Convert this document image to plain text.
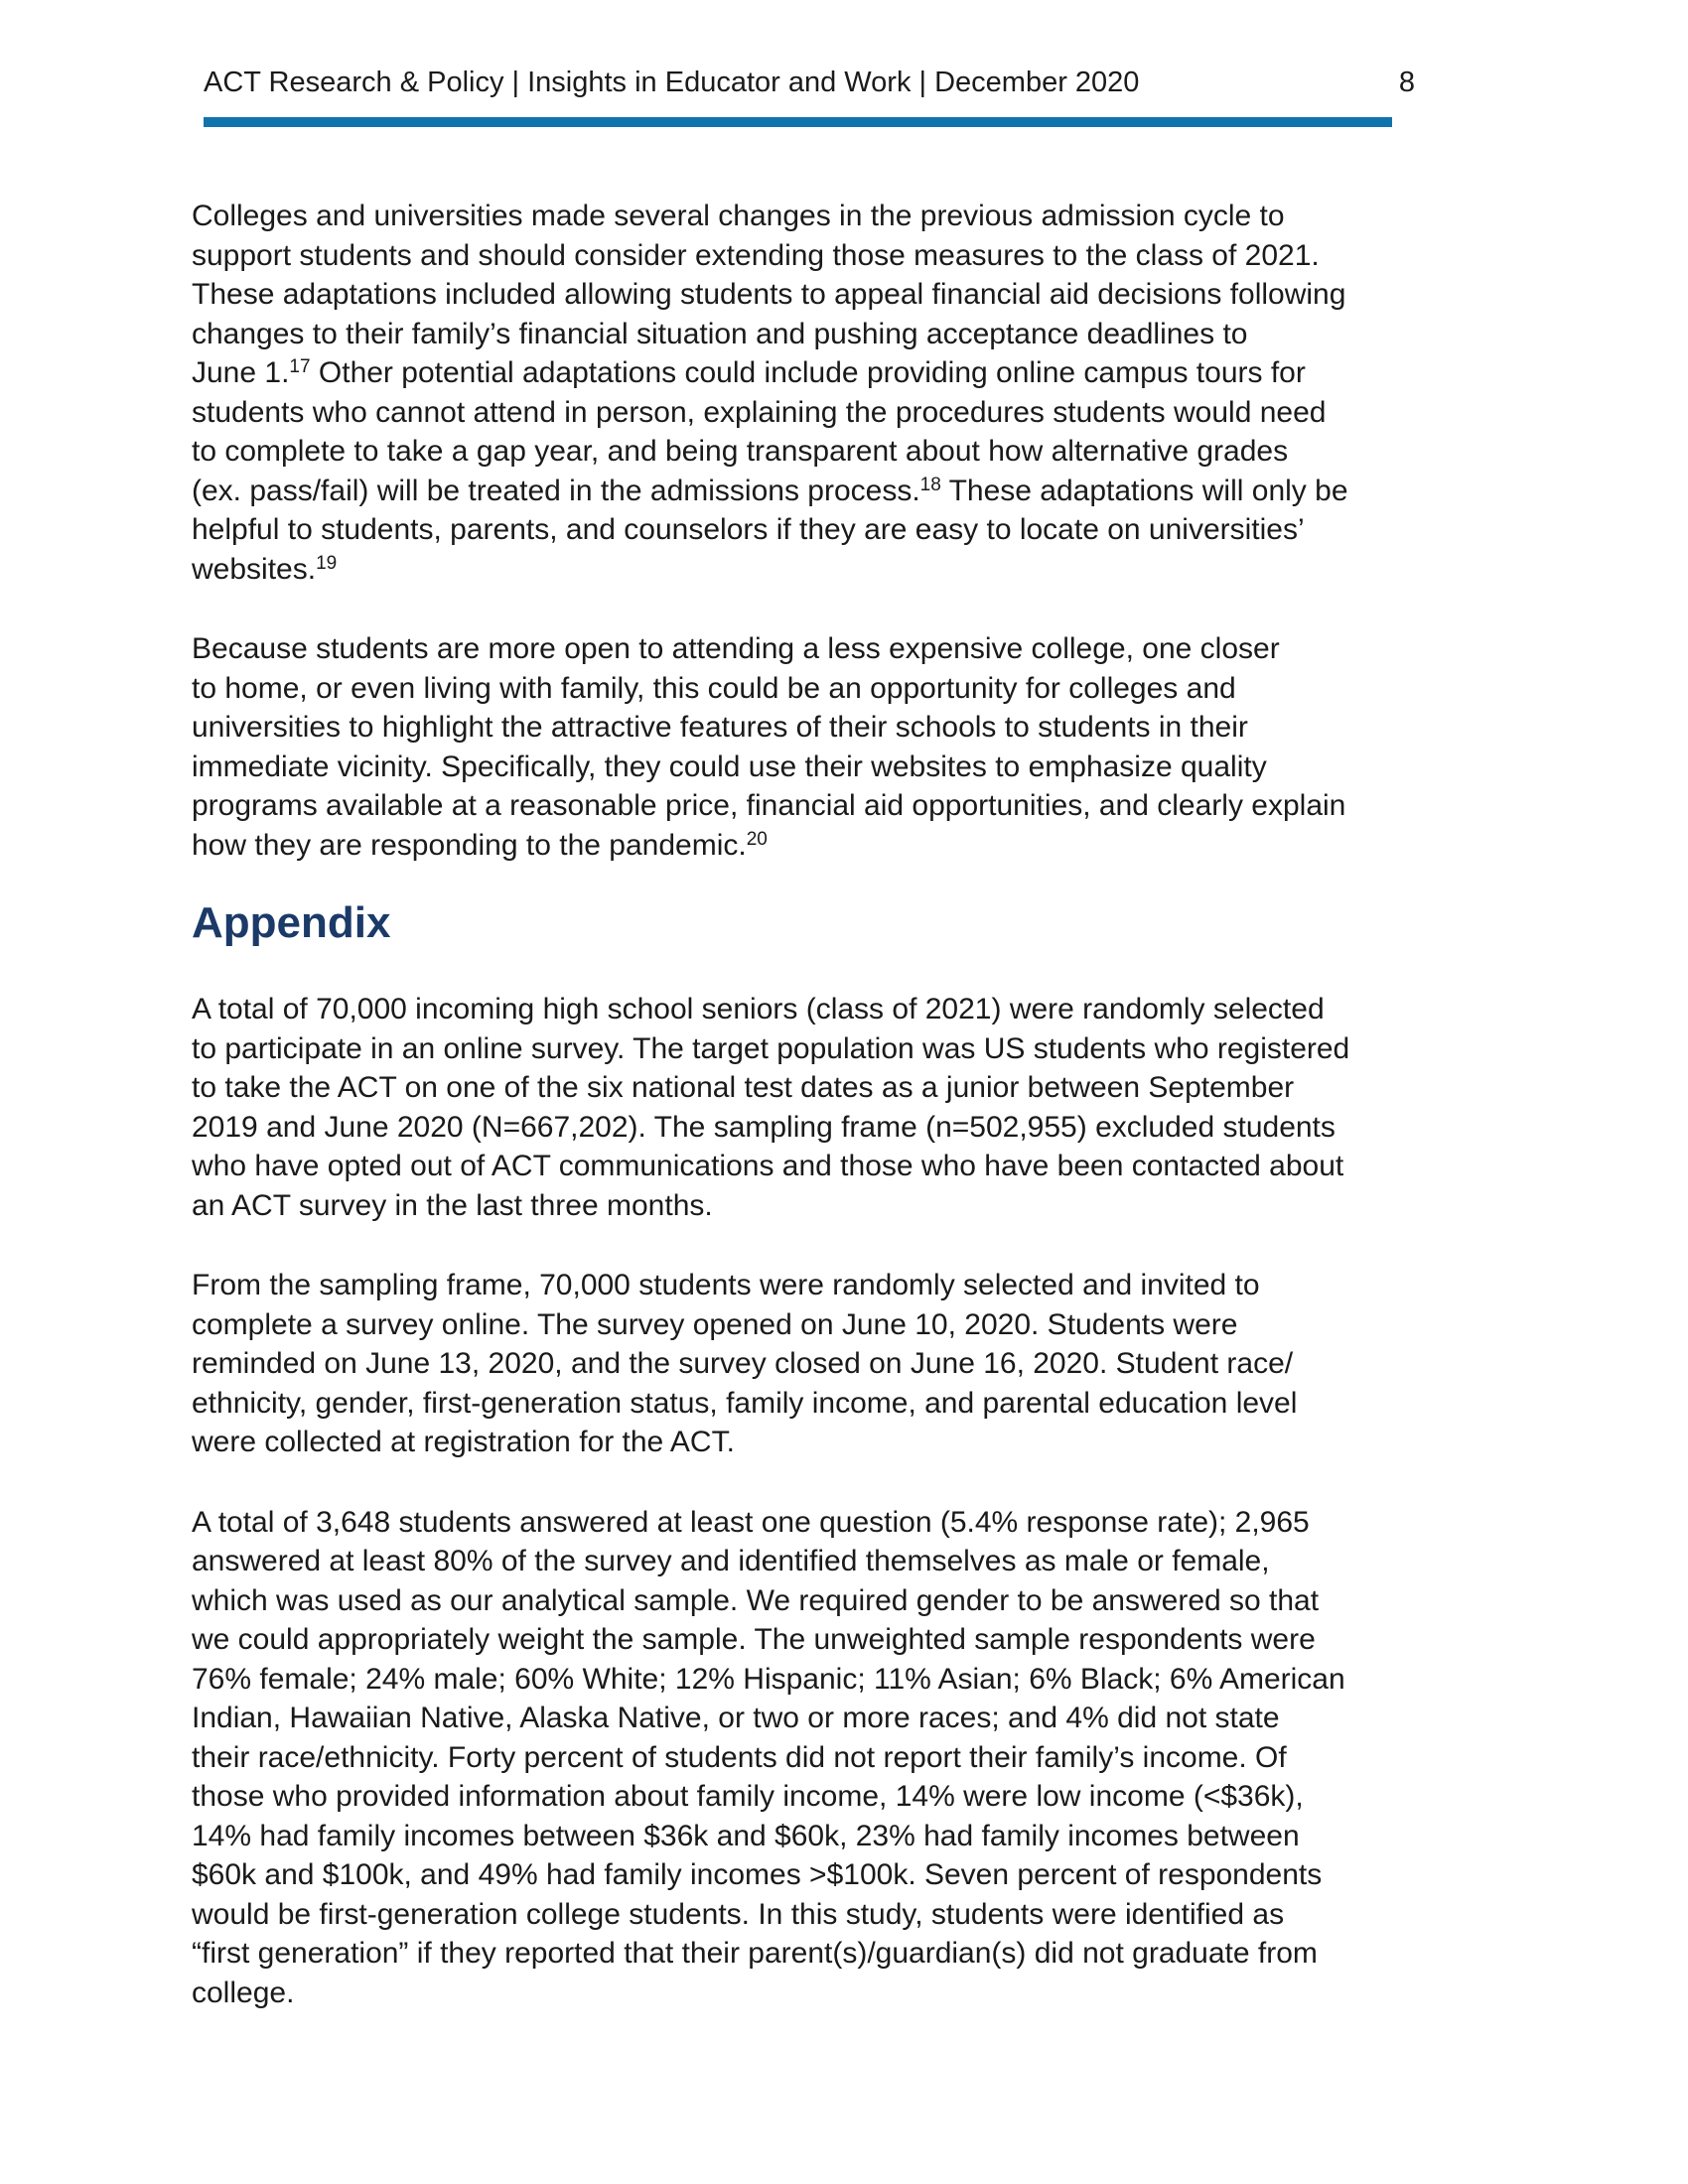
ACT Research & Policy | Insights in Educator and Work | December 2020	8
Colleges and universities made several changes in the previous admission cycle to
support students and should consider extending those measures to the class of 2021.
These adaptations included allowing students to appeal financial aid decisions following
changes to their family’s financial situation and pushing acceptance deadlines to
June 1.17 Other potential adaptations could include providing online campus tours for
students who cannot attend in person, explaining the procedures students would need
to complete to take a gap year, and being transparent about how alternative grades
(ex. pass/fail) will be treated in the admissions process.$^{18}$ These adaptations will only be
helpful to students, parents, and counselors if they are easy to locate on universities’
websites.$^{19}$
Because students are more open to attending a less expensive college, one closer
to home, or even living with family, this could be an opportunity for colleges and
universities to highlight the attractive features of their schools to students in their
immediate vicinity. Specifically, they could use their websites to emphasize quality
programs available at a reasonable price, financial aid opportunities, and clearly explain
how they are responding to the pandemic.$^{20}$
Appendix
A total of 70,000 incoming high school seniors (class of 2021) were randomly selected
to participate in an online survey. The target population was US students who registered
to take the ACT on one of the six national test dates as a junior between September
2019 and June 2020 (N=667,202). The sampling frame (n=502,955) excluded students
who have opted out of ACT communications and those who have been contacted about
an ACT survey in the last three months.
From the sampling frame, 70,000 students were randomly selected and invited to
complete a survey online. The survey opened on June 10, 2020. Students were
reminded on June 13, 2020, and the survey closed on June 16, 2020. Student race/
ethnicity, gender, first-generation status, family income, and parental education level
were collected at registration for the ACT.
A total of 3,648 students answered at least one question (5.4% response rate); 2,965
answered at least 80% of the survey and identified themselves as male or female,
which was used as our analytical sample. We required gender to be answered so that
we could appropriately weight the sample. The unweighted sample respondents were
76% female; 24% male; 60% White; 12% Hispanic; 11% Asian; 6% Black; 6% American
Indian, Hawaiian Native, Alaska Native, or two or more races; and 4% did not state
their race/ethnicity. Forty percent of students did not report their family’s income. Of
those who provided information about family income, 14% were low income (<$36k),
14% had family incomes between $36k and $60k, 23% had family incomes between
$60k and $100k, and 49% had family incomes >$100k. Seven percent of respondents
would be first-generation college students. In this study, students were identified as
“first generation” if they reported that their parent(s)/guardian(s) did not graduate from
college.
